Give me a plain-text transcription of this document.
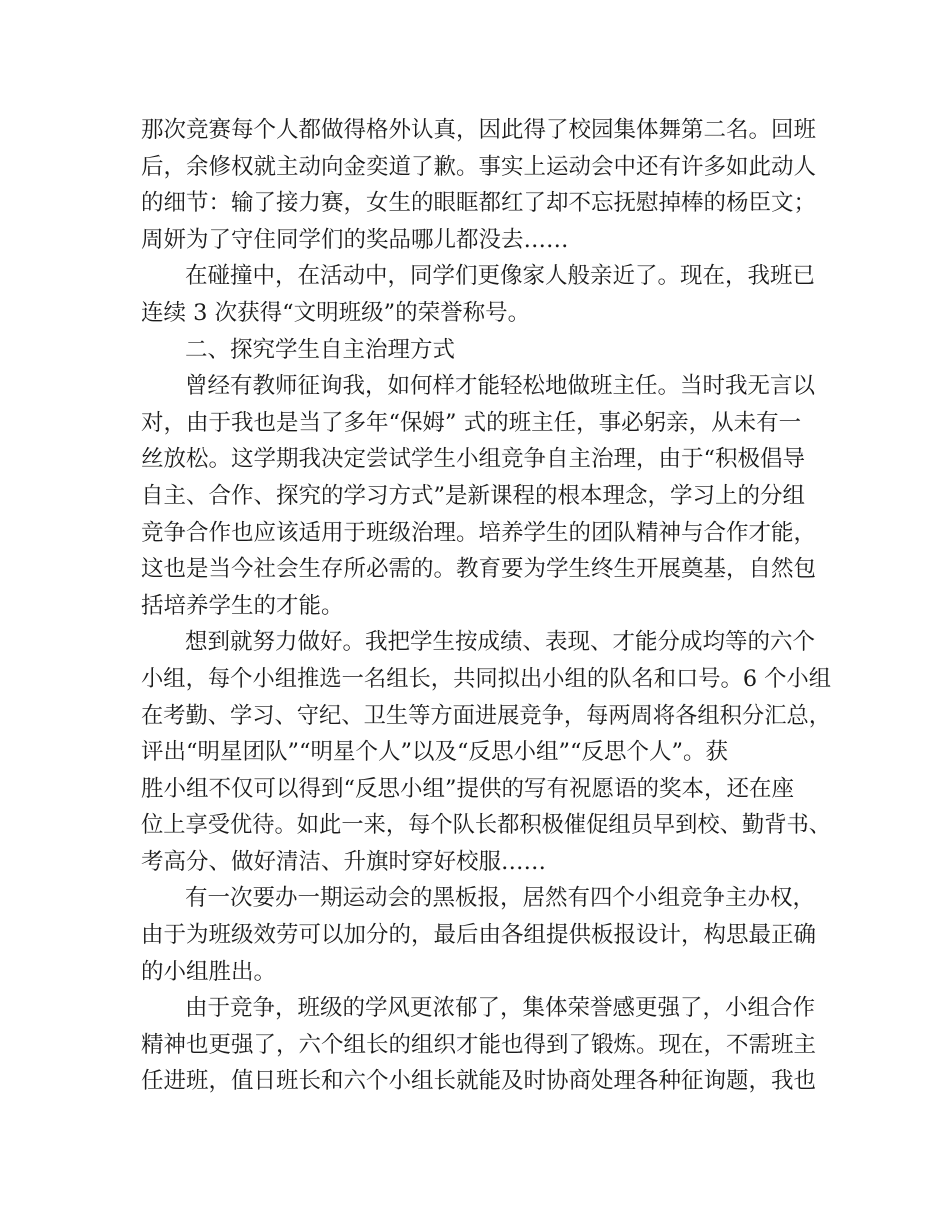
那次竞赛每个人都做得格外认真，因此得了校园集体舞第二名。回班
后，余修权就主动向金奕道了歉。事实上运动会中还有许多如此动人
的细节：输了接力赛，女生的眼眶都红了却不忘抚慰掉棒的杨臣文；
周妍为了守住同学们的奖品哪儿都没去……
在碰撞中，在活动中，同学们更像家人般亲近了。现在，我班已
连续 3 次获得“文明班级”的荣誉称号。
二、探究学生自主治理方式
曾经有教师征询我，如何样才能轻松地做班主任。当时我无言以
对，由于我也是当了多年“保姆” 式的班主任，事必躬亲，从未有一
丝放松。这学期我决定尝试学生小组竞争自主治理，由于“积极倡导
自主、合作、探究的学习方式”是新课程的根本理念，学习上的分组
竞争合作也应该适用于班级治理。培养学生的团队精神与合作才能，
这也是当今社会生存所必需的。教育要为学生终生开展奠基，自然包
括培养学生的才能。
想到就努力做好。我把学生按成绩、表现、才能分成均等的六个
小组，每个小组推选一名组长，共同拟出小组的队名和口号。6 个小组
在考勤、学习、守纪、卫生等方面进展竞争，每两周将各组积分汇总，
评出“明星团队”“明星个人”以及“反思小组”“反思个人”。获
胜小组不仅可以得到“反思小组”提供的写有祝愿语的奖本，还在座
位上享受优待。如此一来，每个队长都积极催促组员早到校、勤背书、
考高分、做好清洁、升旗时穿好校服……
有一次要办一期运动会的黑板报，居然有四个小组竞争主办权，
由于为班级效劳可以加分的，最后由各组提供板报设计，构思最正确
的小组胜出。
由于竞争，班级的学风更浓郁了，集体荣誉感更强了，小组合作
精神也更强了，六个组长的组织才能也得到了锻炼。现在，不需班主
任进班，值日班长和六个小组长就能及时协商处理各种征询题，我也
